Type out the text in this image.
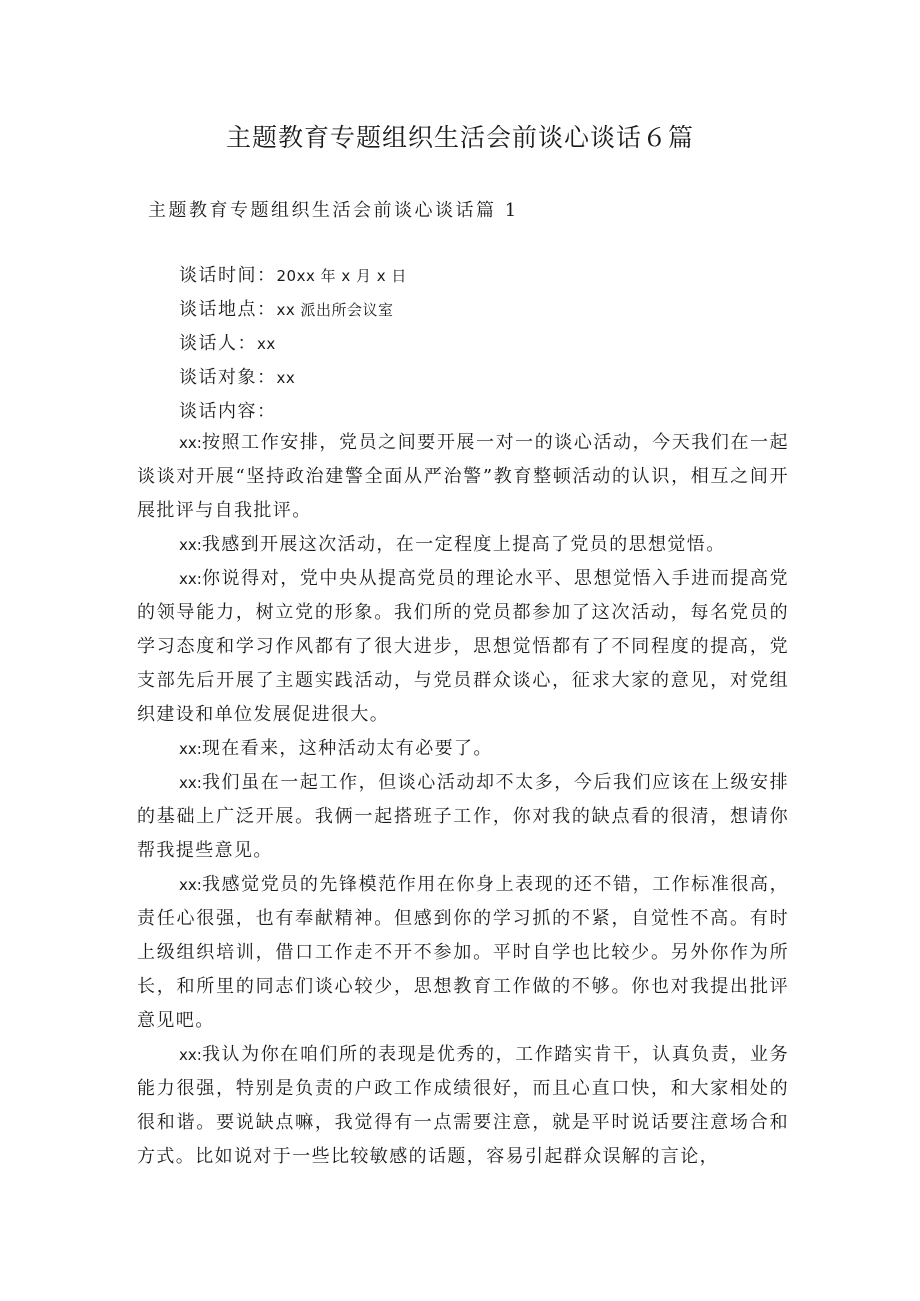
主题教育专题组织生活会前谈心谈话６篇

主题教育专题组织生活会前谈心谈话篇 1

谈话时间：20xx 年 x 月 x 日
谈话地点：xx 派出所会议室
谈话人：xx
谈话对象：xx
谈话内容：

xx:按照工作安排，党员之间要开展一对一的谈心活动，今天我们在一起谈谈对开展“坚持政治建警全面从严治警”教育整顿活动的认识，相互之间开展批评与自我批评。

xx:我感到开展这次活动，在一定程度上提高了党员的思想觉悟。

xx:你说得对，党中央从提高党员的理论水平、思想觉悟入手进而提高党的领导能力，树立党的形象。我们所的党员都参加了这次活动，每名党员的学习态度和学习作风都有了很大进步，思想觉悟都有了不同程度的提高，党支部先后开展了主题实践活动，与党员群众谈心，征求大家的意见，对党组织建设和单位发展促进很大。

xx:现在看来，这种活动太有必要了。

xx:我们虽在一起工作，但谈心活动却不太多，今后我们应该在上级安排的基础上广泛开展。我俩一起搭班子工作，你对我的缺点看的很清，想请你帮我提些意见。

xx:我感觉党员的先锋模范作用在你身上表现的还不错，工作标准很高，责任心很强，也有奉献精神。但感到你的学习抓的不紧，自觉性不高。有时上级组织培训，借口工作走不开不参加。平时自学也比较少。另外你作为所长，和所里的同志们谈心较少，思想教育工作做的不够。你也对我提出批评意见吧。

xx:我认为你在咱们所的表现是优秀的，工作踏实肯干，认真负责，业务能力很强，特别是负责的户政工作成绩很好，而且心直口快，和大家相处的很和谐。要说缺点嘛，我觉得有一点需要注意，就是平时说话要注意场合和方式。比如说对于一些比较敏感的话题，容易引起群众误解的言论，
